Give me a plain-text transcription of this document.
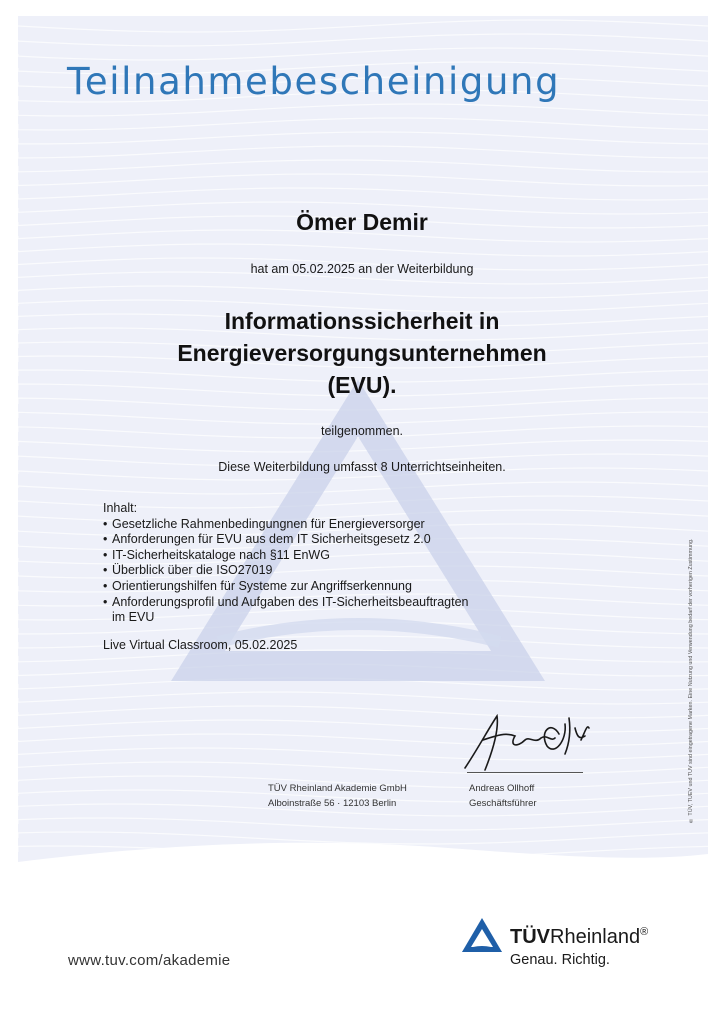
Teilnahmebescheinigung
Ömer Demir
hat am 05.02.2025 an der Weiterbildung
Informationssicherheit in
Energieversorgungsunternehmen
(EVU).
teilgenommen.
Diese Weiterbildung umfasst 8 Unterrichtseinheiten.
Inhalt:
• Gesetzliche Rahmenbedingungnen für Energieversorger
• Anforderungen für EVU aus dem IT Sicherheitsgesetz 2.0
• IT-Sicherheitskataloge nach §11 EnWG
• Überblick über die ISO27019
• Orientierungshilfen für Systeme zur Angriffserkennung
• Anforderungsprofil und Aufgaben des IT-Sicherheitsbeauftragten
im EVU
Live Virtual Classroom, 05.02.2025
TÜV Rheinland Akademie GmbH
Alboinstraße 56 · 12103 Berlin
Andreas Ollhoff
Geschäftsführer	® TÜV, TUEV und TUV sind eingetragene Marken. Eine Nutzung und Verwendung bedarf der vorherigen Zustimmung.
www.tuv.com/akademie
TÜVRheinland®
Genau. Richtig.
